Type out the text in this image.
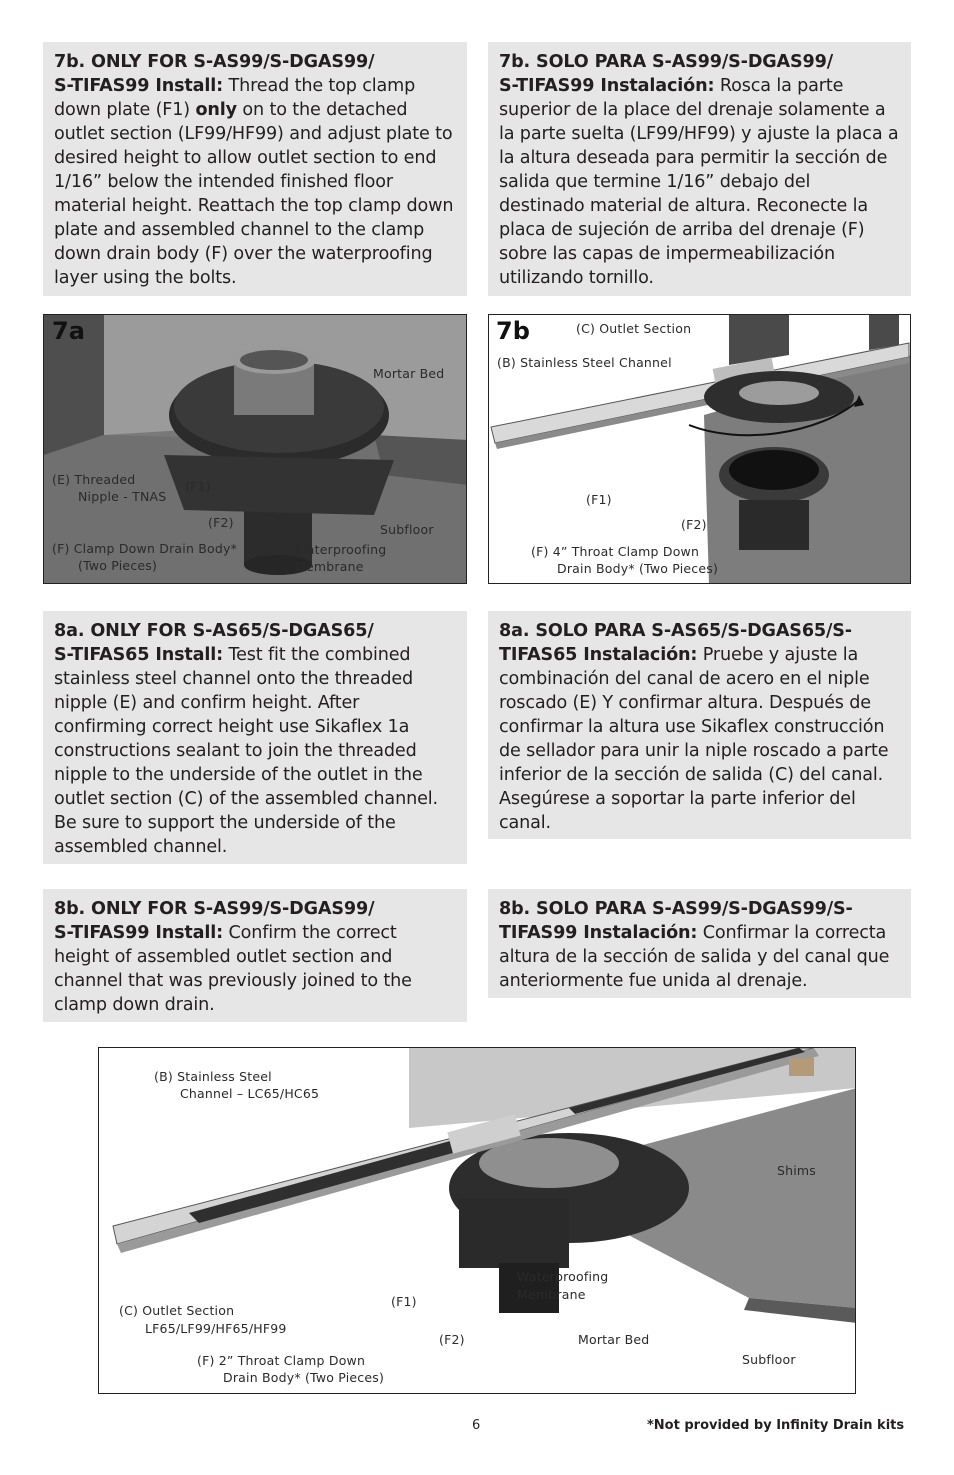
7b. ONLY FOR S-AS99/S-DGAS99/
S-TIFAS99 Install: Thread the top clamp down plate (F1) only on to the detached outlet section (LF99/HF99) and adjust plate to desired height to allow outlet section to end 1/16” below the intended finished floor material height. Reattach the top clamp down plate and assembled channel to the clamp down drain body (F) over the waterproofing layer using the bolts.
7b. SOLO PARA S-AS99/S-DGAS99/
S-TIFAS99 Instalación: Rosca la parte superior de la place del drenaje solamente a la parte suelta (LF99/HF99) y ajuste la placa a la altura deseada para permitir la sección de salida que termine 1/16” debajo del destinado material de altura. Reconecte la placa de sujeción de arriba del drenaje (F) sobre las capas de impermeabilización utilizando tornillo.
7a
Mortar Bed
(E) Threaded
Nipple - TNAS
(F1)
(F2)	Subfloor
(F) Clamp Down Drain Body*
(Two Pieces)
Waterproofing
Membrane
7b	(C) Outlet Section
(B) Stainless Steel Channel
(F1)
(F2)
(F) 4” Throat Clamp Down
Drain Body* (Two Pieces)
8a. ONLY FOR S-AS65/S-DGAS65/
S-TIFAS65 Install: Test fit the combined stainless steel channel onto the threaded nipple (E) and confirm height. After confirming correct height use Sikaflex 1a constructions sealant to join the threaded nipple to the underside of the outlet in the outlet section (C) of the assembled channel. Be sure to support the underside of the assembled channel.
8a. SOLO PARA S-AS65/S-DGAS65/S-
TIFAS65 Instalación: Pruebe y ajuste la combinación del canal de acero en el niple roscado (E) Y confirmar altura. Después de confirmar la altura use Sikaflex construcción de sellador para unir la niple roscado a parte inferior de la sección de salida (C) del canal. Asegúrese a soportar la parte inferior del canal.
8b. ONLY FOR S-AS99/S-DGAS99/
S-TIFAS99 Install: Confirm the correct height of assembled outlet section and channel that was previously joined to the clamp down drain.
8b. SOLO PARA S-AS99/S-DGAS99/S-
TIFAS99 Instalación: Confirmar la correcta altura de la sección de salida y del canal que anteriormente fue unida al drenaje.
(B) Stainless Steel
Channel – LC65/HC65
Shims
Waterproofing
Membrane
(F1)
(C) Outlet Section
LF65/LF99/HF65/HF99
(F2)	Mortar Bed
Subfloor
(F) 2” Throat Clamp Down
Drain Body* (Two Pieces)
6	*Not provided by Infinity Drain kits
